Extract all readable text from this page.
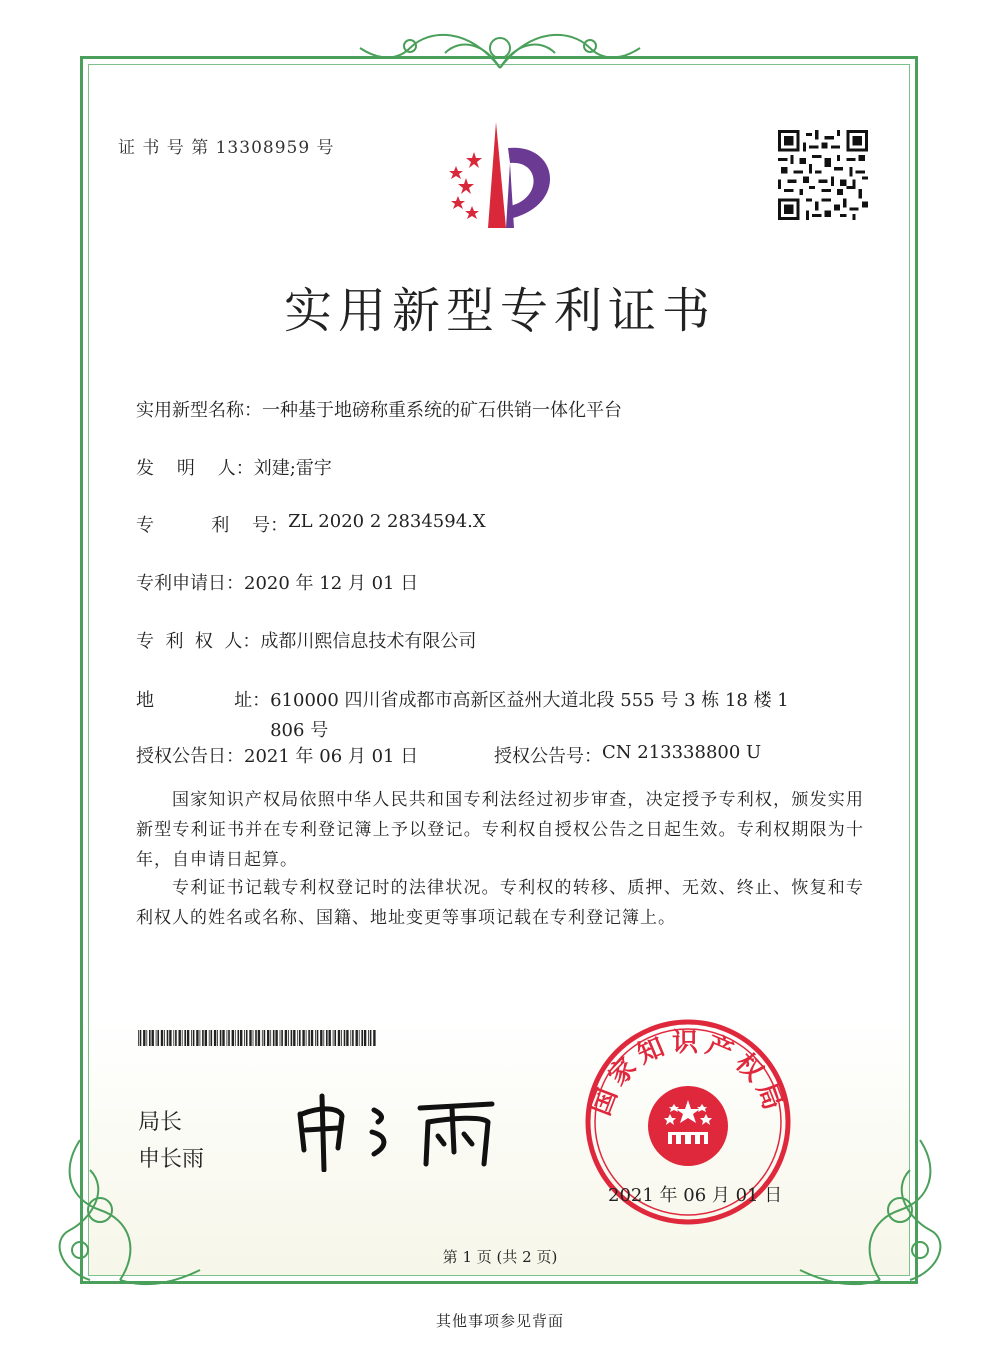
证 书 号 第 13308959 号
实用新型专利证书
实用新型名称： 一种基于地磅称重系统的矿石供销一体化平台
发    明    人： 刘建;雷宇
专          利    号： ZL 2020 2 2834594.X
专利申请日： 2020 年 12 月 01 日
专  利  权  人： 成都川熙信息技术有限公司
地              址： 610000 四川省成都市高新区益州大道北段 555 号 3 栋 18 楼 1
806 号
授权公告日： 2021 年 06 月 01 日	授权公告号： CN 213338800 U
国家知识产权局依照中华人民共和国专利法经过初步审查，决定授予专利权，颁发实用新型专利证书并在专利登记簿上予以登记。专利权自授权公告之日起生效。专利权期限为十年，自申请日起算。
专利证书记载专利权登记时的法律状况。专利权的转移、质押、无效、终止、恢复和专利权人的姓名或名称、国籍、地址变更等事项记载在专利登记簿上。
局长
申长雨
国家知识产权局
2021 年 06 月 01 日
第 1 页 (共 2 页)
其他事项参见背面
